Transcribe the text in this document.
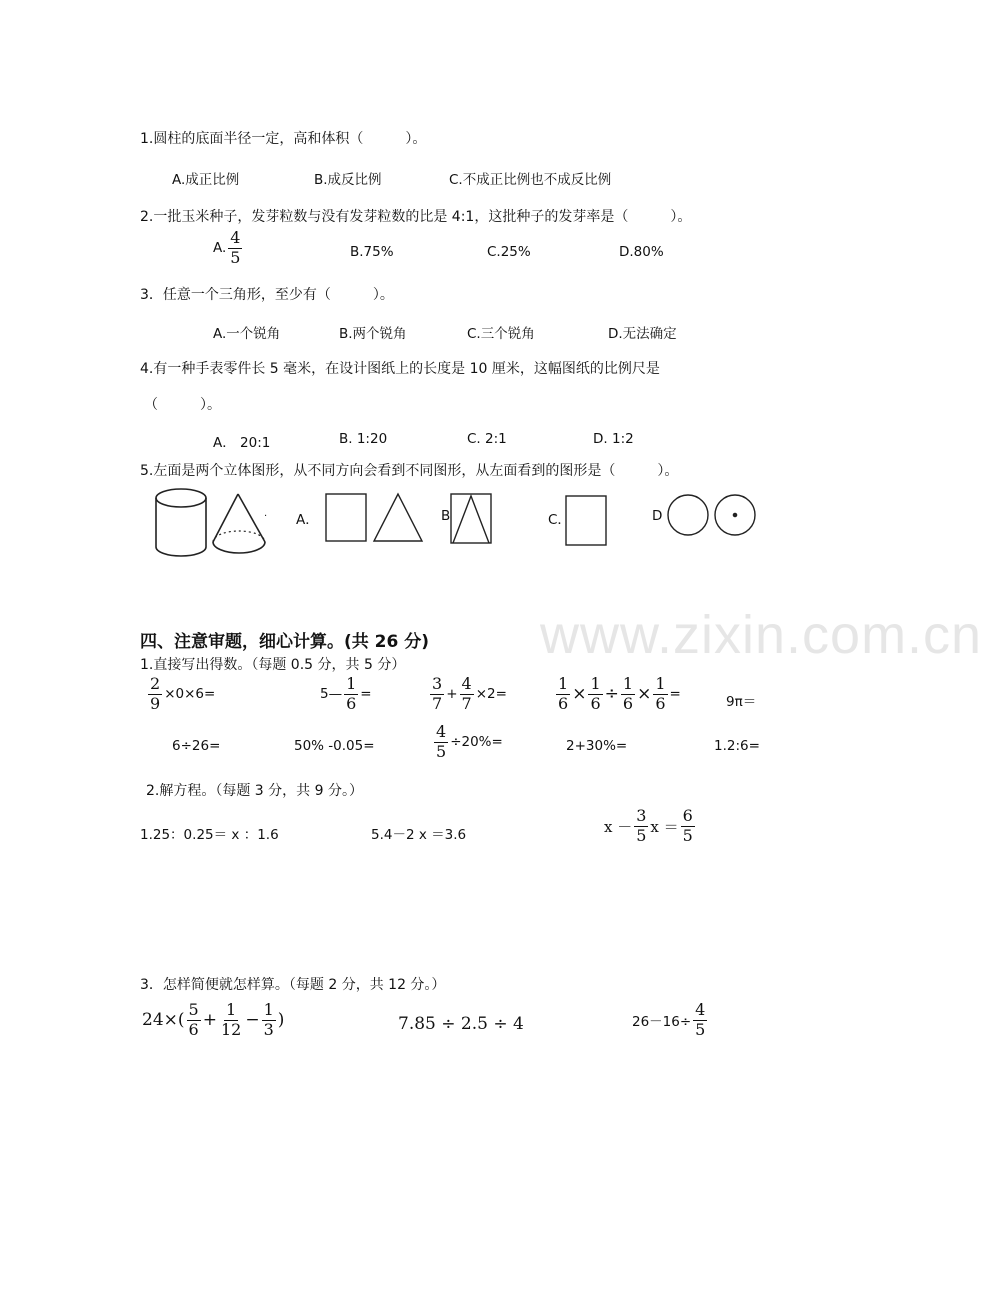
www.zixin.com.cn
1.圆柱的底面半径一定，高和体积（　　　）。
A.成正比例	B.成反比例	C.不成正比例也不成反比例
2.一批玉米种子，发芽粒数与没有发芽粒数的比是 4:1，这批种子的发芽率是（　　　）。
A. $\frac{4}{5}$	B.75%	C.25%	D.80%
3．任意一个三角形，至少有（　　　）。
A.一个锐角	B.两个锐角	C.三个锐角	D.无法确定
4.有一种手表零件长 5 毫米，在设计图纸上的长度是 10 厘米，这幅图纸的比例尺是
（　　　）。
A． 20:1	B. 1:20	C. 2:1	D. 1:2
5.左面是两个立体图形，从不同方向会看到不同图形，从左面看到的图形是（　　　）。
. A．	B	C．	D
四、注意审题，细心计算。(共 26 分)
1.直接写出得数。（每题 0.5 分，共 5 分）
$\frac{2}{9} \times 0\times 6=$	5— $\frac{1}{6}$ =	$\frac{3}{7} + \frac{4}{7} \times 2=$	$\frac{1}{6} \times \frac{1}{6} \div \frac{1}{6} \times \frac{1}{6}$ =	9π＝
6÷26=	50% -0.05=	$\frac{4}{5} \div 20\%=$	2+30%=	1.2:6=
2.解方程。（每题 3 分，共 9 分。）
1.25：0.25＝ x ：1.6	5.4－2 x ＝3.6	$x - \frac{3}{5}$ $x = \frac{6}{5}$
3．怎样简便就怎样算。（每题 2 分，共 12 分。）
$24\times( \frac{5}{6} + \frac{1}{12} - \frac{1}{3}$ )	7.85 ÷ 2.5 ÷ 4	$26-16\div \frac{4}{5}$
